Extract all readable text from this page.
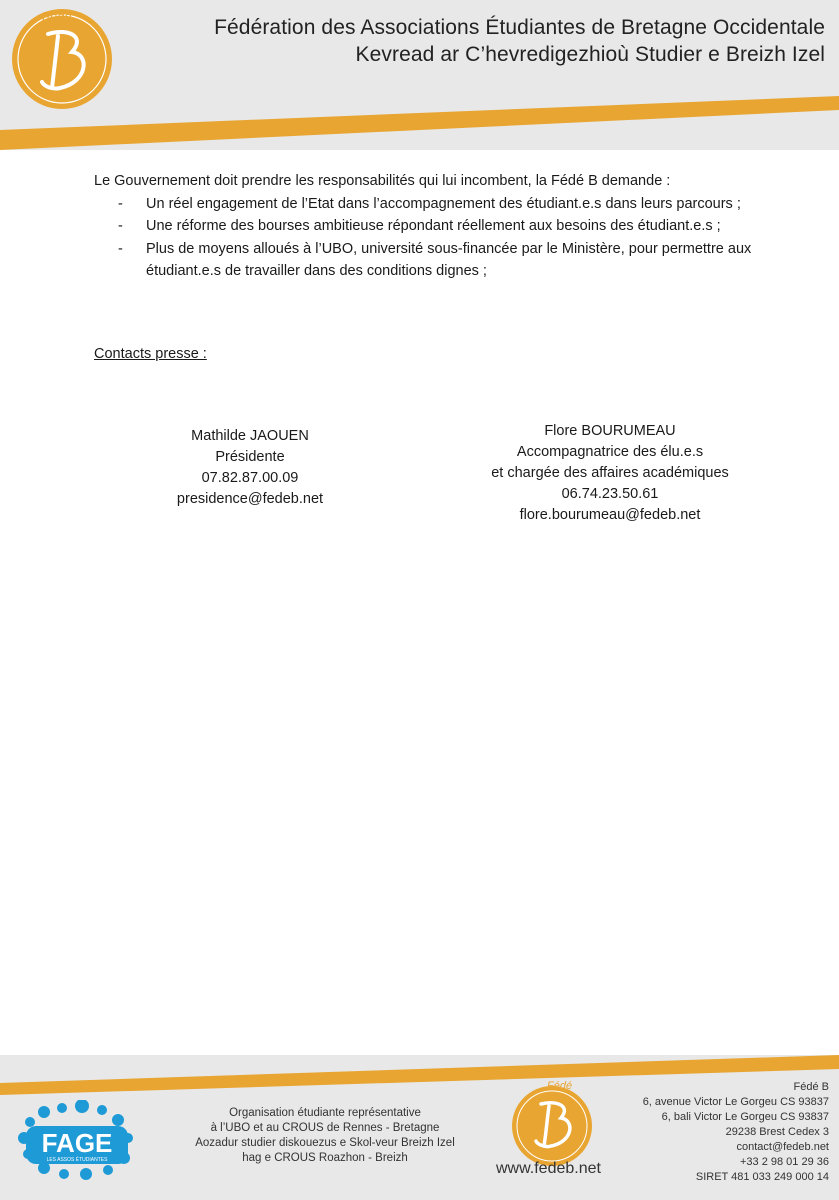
Fédé	Fédération des Associations Étudiantes de Bretagne Occidentale
Kevread ar C’hevredigezhioù Studier e Breizh Izel

Le Gouvernement doit prendre les responsabilités qui lui incombent, la Fédé B demande :

- Un réel engagement de l’Etat dans l’accompagnement des étudiant.e.s dans leurs parcours ;
- Une réforme des bourses ambitieuse répondant réellement aux besoins des étudiant.e.s ;
- Plus de moyens alloués à l’UBO, université sous-financée par le Ministère, pour permettre aux étudiant.e.s de travailler dans des conditions dignes ;
Contacts presse :
Mathilde JAOUEN
Présidente
07.82.87.00.09
presidence@fedeb.net
Flore BOURUMEAU
Accompagnatrice des élu.e.s
et chargée des affaires académiques
06.74.23.50.61
flore.bourumeau@fedeb.net
FAGE
LES ASSOS ÉTUDIANTES
Organisation étudiante représentative
à l’UBO et au CROUS de Rennes - Bretagne
Aozadur studier diskouezus e Skol-veur Breizh Izel
hag e CROUS Roazhon - Breizh
Fédé
www.fedeb.net
Fédé B
6, avenue Victor Le Gorgeu CS 93837
6, bali Victor Le Gorgeu CS 93837
29238 Brest Cedex 3
contact@fedeb.net
+33 2 98 01 29 36
SIRET 481 033 249 000 14
